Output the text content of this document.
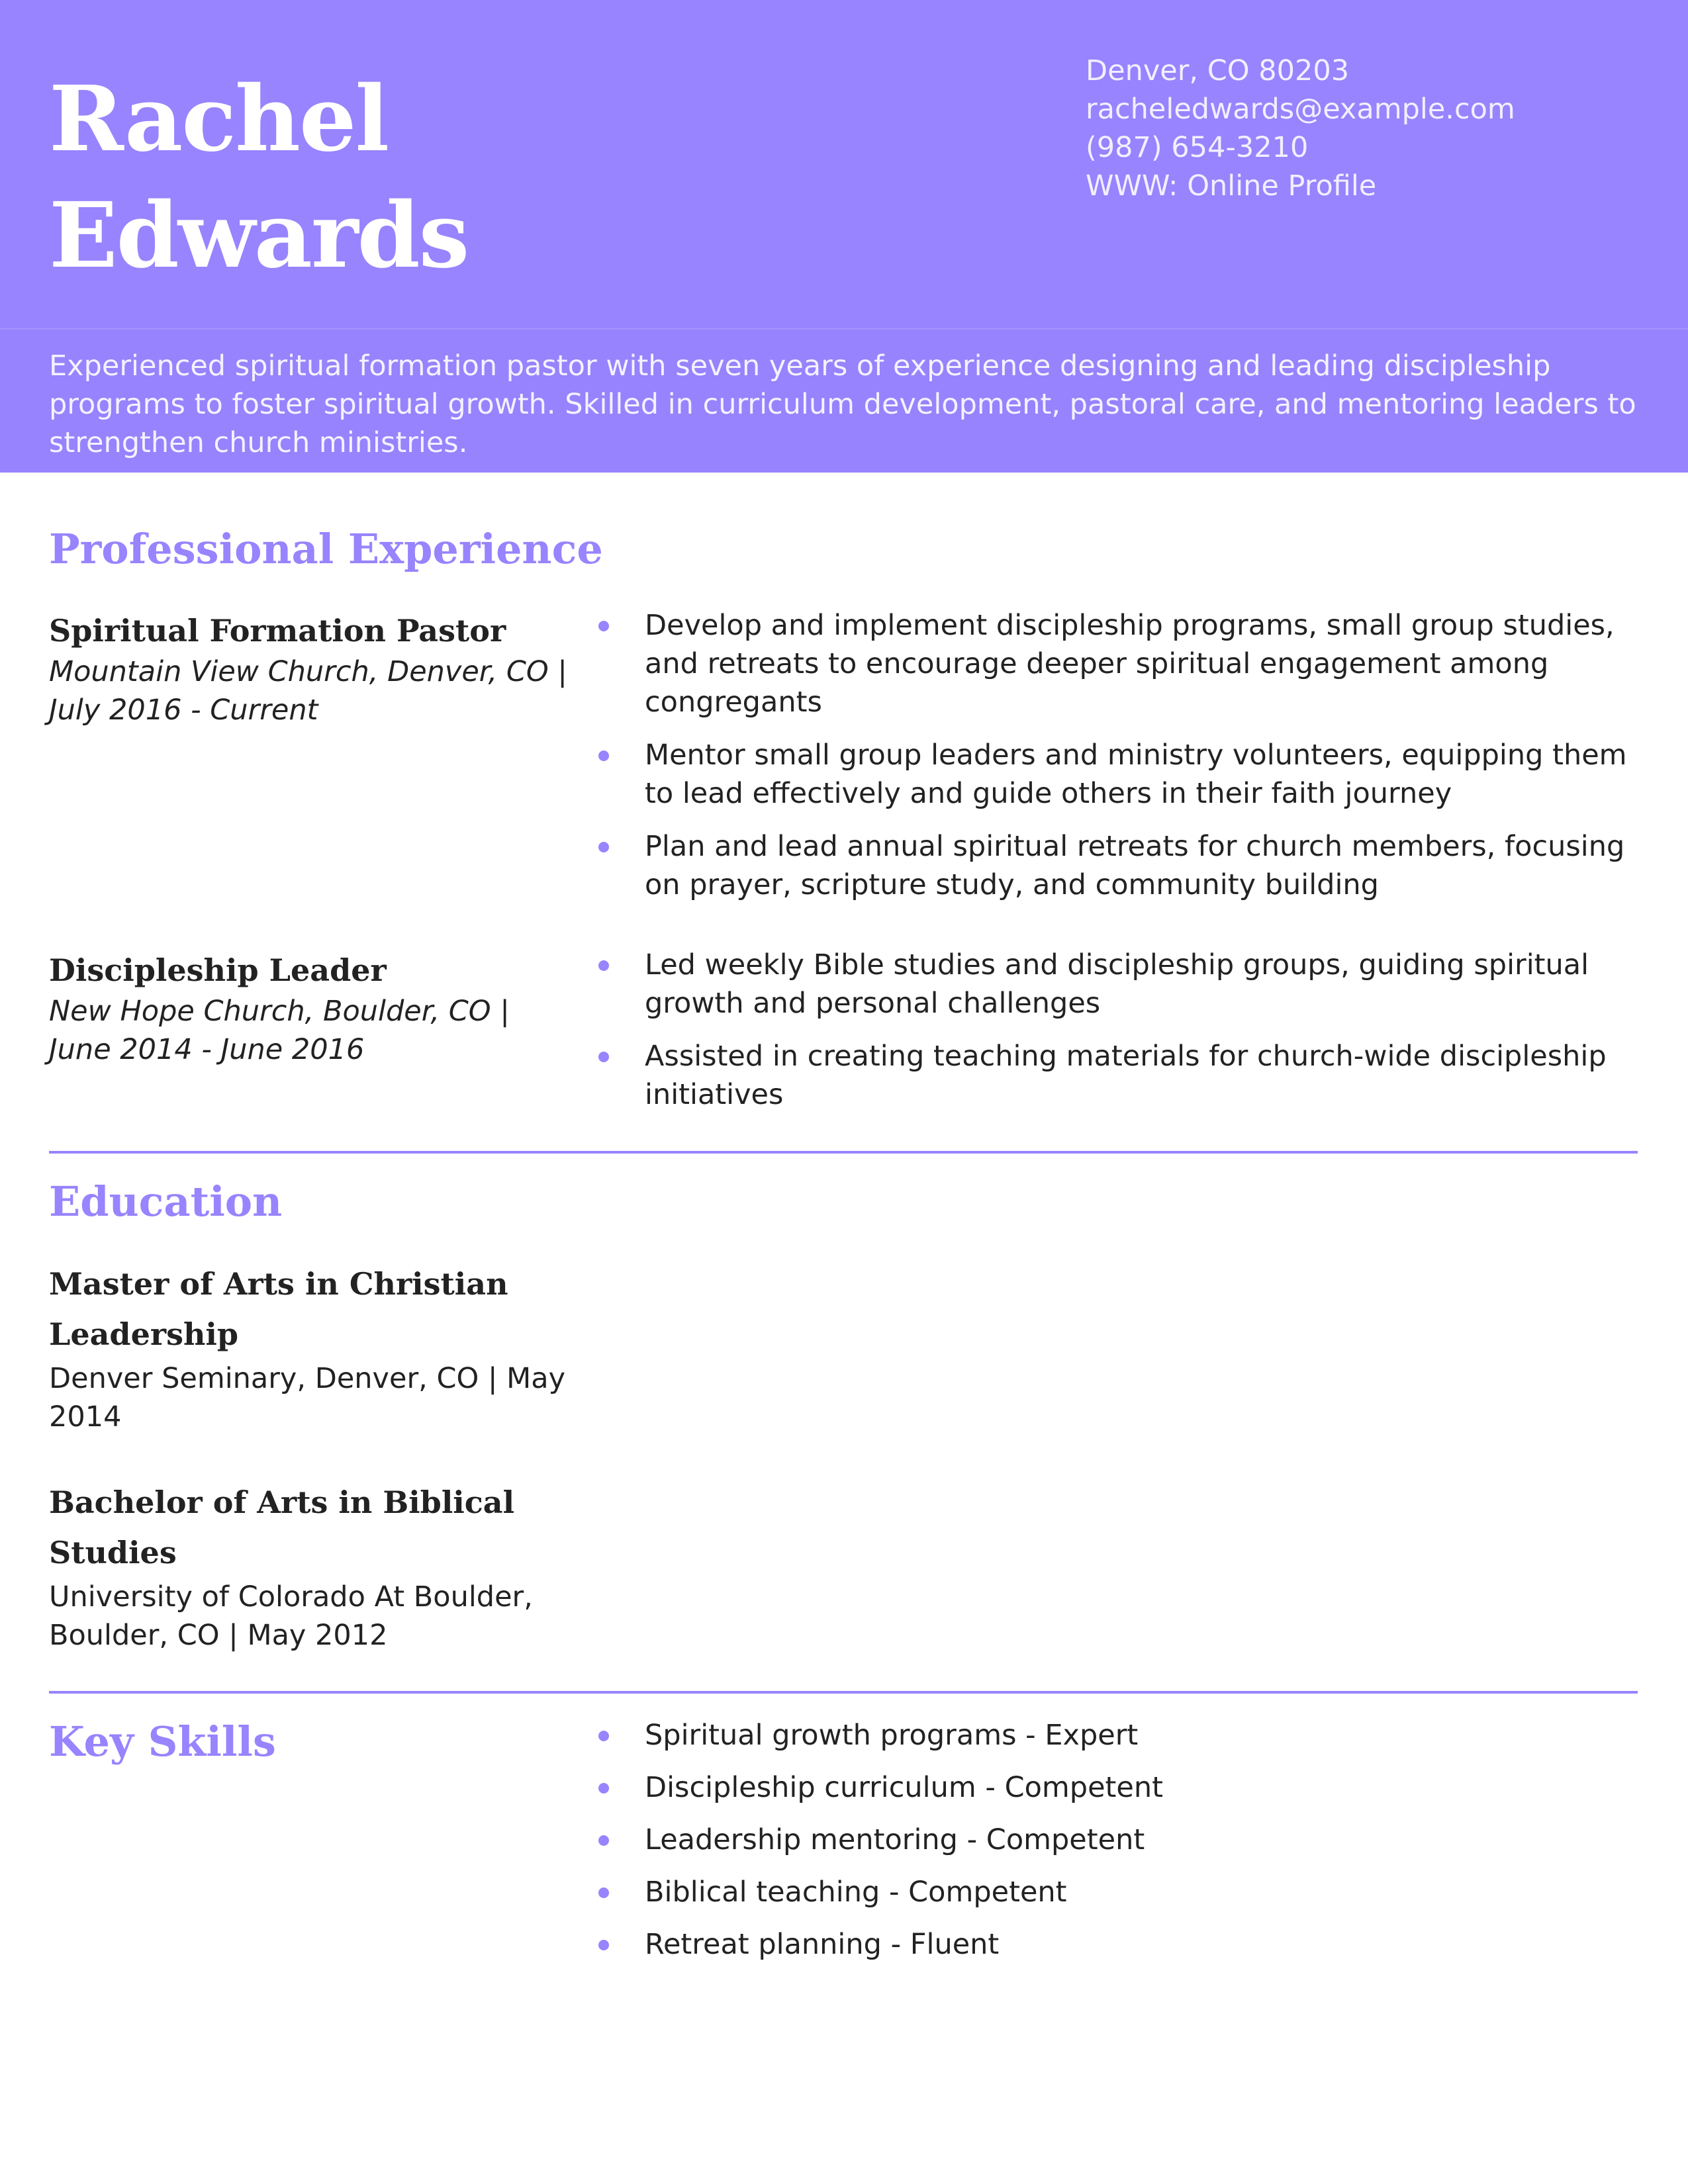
Rachel
Edwards
Denver, CO 80203
racheledwards@example.com
(987) 654-3210
WWW: Online Profile
Experienced spiritual formation pastor with seven years of experience designing and leading discipleship programs to foster spiritual growth. Skilled in curriculum development, pastoral care, and mentoring leaders to strengthen church ministries.
Professional Experience
Spiritual Formation Pastor
Mountain View Church, Denver, CO | July 2016 - Current
Develop and implement discipleship programs, small group studies, and retreats to encourage deeper spiritual engagement among congregants
Mentor small group leaders and ministry volunteers, equipping them to lead effectively and guide others in their faith journey
Plan and lead annual spiritual retreats for church members, focusing on prayer, scripture study, and community building
Discipleship Leader
New Hope Church, Boulder, CO | June 2014 - June 2016
Led weekly Bible studies and discipleship groups, guiding spiritual growth and personal challenges
Assisted in creating teaching materials for church-wide discipleship initiatives
Education
Master of Arts in Christian Leadership
Denver Seminary, Denver, CO | May 2014
Bachelor of Arts in Biblical Studies
University of Colorado At Boulder, Boulder, CO | May 2012
Key Skills	Spiritual growth programs - Expert
Discipleship curriculum - Competent
Leadership mentoring - Competent
Biblical teaching - Competent
Retreat planning - Fluent
